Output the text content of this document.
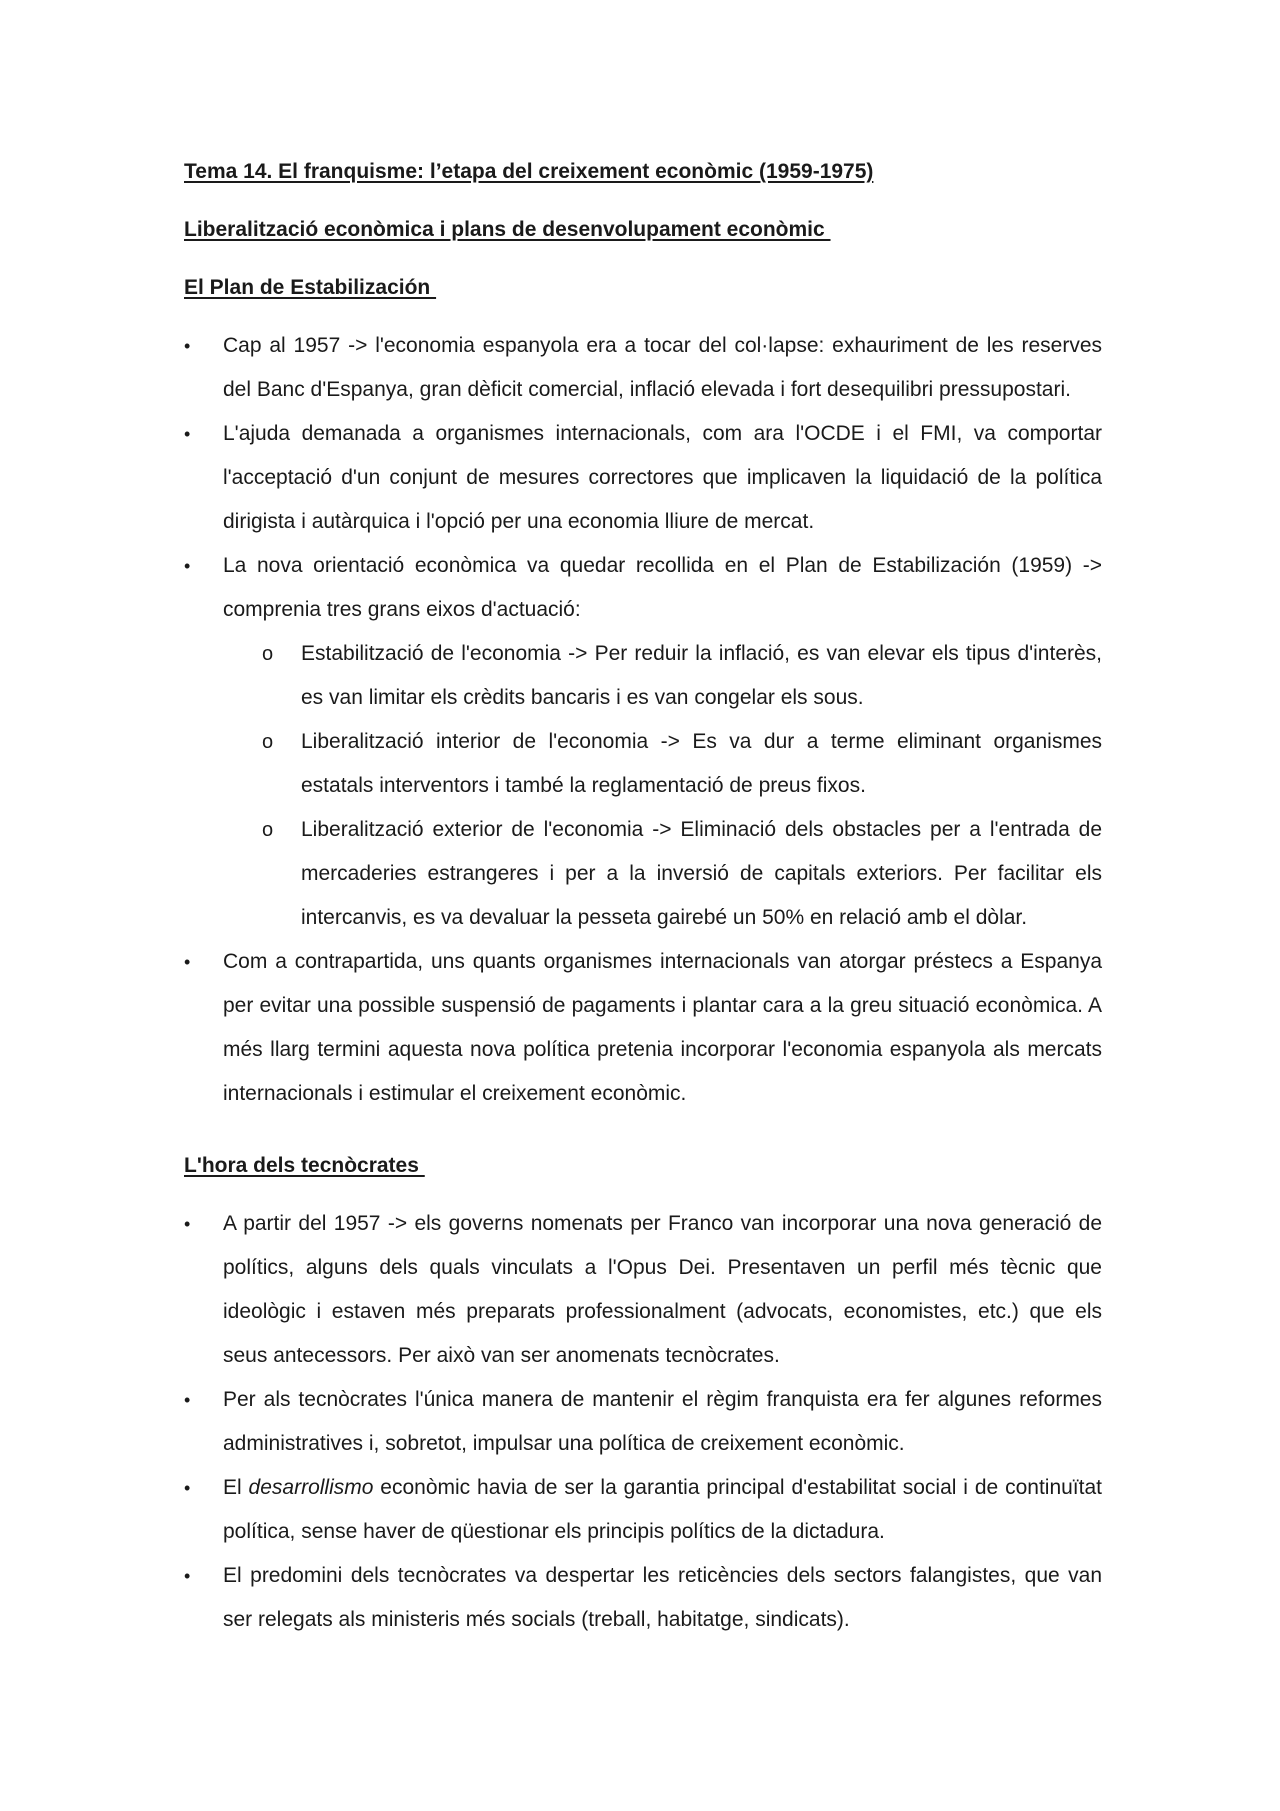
Tema 14. El franquisme: l’etapa del creixement econòmic (1959-1975)
Liberalització econòmica i plans de desenvolupament econòmic
El Plan de Estabilización
•	Cap al 1957 -> l'economia espanyola era a tocar del col·lapse: exhauriment de les reserves del Banc d'Espanya, gran dèficit comercial, inflació elevada i fort desequilibri pressupostari.
•	L'ajuda demanada a organismes internacionals, com ara l'OCDE i el FMI, va comportar l'acceptació d'un conjunt de mesures correctores que implicaven la liquidació de la política dirigista i autàrquica i l'opció per una economia lliure de mercat.
•	La nova orientació econòmica va quedar recollida en el Plan de Estabilización (1959) -> comprenia tres grans eixos d'actuació:
o Estabilització de l'economia -> Per reduir la inflació, es van elevar els tipus d'interès, es van limitar els crèdits bancaris i es van congelar els sous.
o Liberalització interior de l'economia -> Es va dur a terme eliminant organismes estatals interventors i també la reglamentació de preus fixos.
o Liberalització exterior de l'economia -> Eliminació dels obstacles per a l'entrada de mercaderies estrangeres i per a la inversió de capitals exteriors. Per facilitar els intercanvis, es va devaluar la pesseta gairebé un 50% en relació amb el dòlar.
•	Com a contrapartida, uns quants organismes internacionals van atorgar préstecs a Espanya per evitar una possible suspensió de pagaments i plantar cara a la greu situació econòmica. A més llarg termini aquesta nova política pretenia incorporar l'economia espanyola als mercats internacionals i estimular el creixement econòmic.
L'hora dels tecnòcrates
•	A partir del 1957 -> els governs nomenats per Franco van incorporar una nova generació de polítics, alguns dels quals vinculats a l'Opus Dei. Presentaven un perfil més tècnic que ideològic i estaven més preparats professionalment (advocats, economistes, etc.) que els seus antecessors. Per això van ser anomenats tecnòcrates.
•	Per als tecnòcrates l'única manera de mantenir el règim franquista era fer algunes reformes administratives i, sobretot, impulsar una política de creixement econòmic.
•	El desarrollismo econòmic havia de ser la garantia principal d'estabilitat social i de continuïtat política, sense haver de qüestionar els principis polítics de la dictadura.
•	El predomini dels tecnòcrates va despertar les reticències dels sectors falangistes, que van ser relegats als ministeris més socials (treball, habitatge, sindicats).
